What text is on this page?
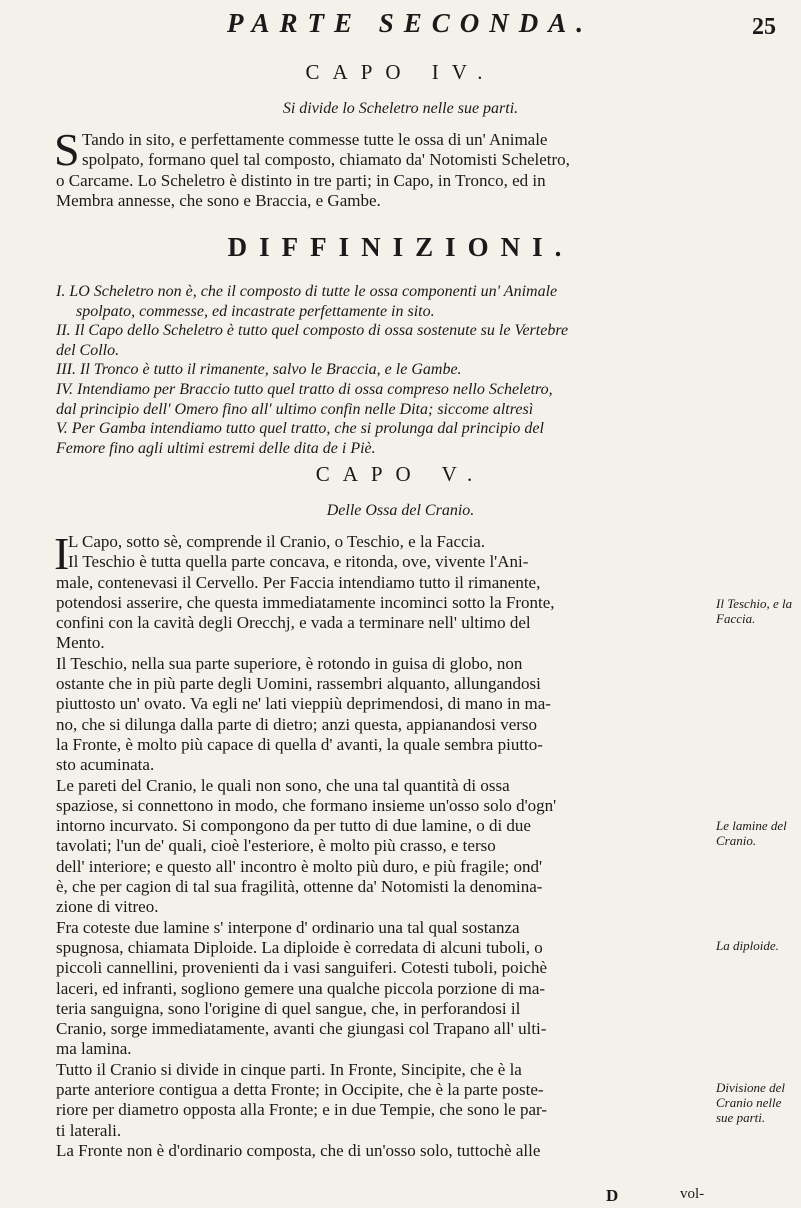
PARTE SECONDA.	25
CAPO IV.
Si divide lo Scheletro nelle sue parti.
S Tando in sito, e perfettamente commesse tutte le ossa di un' Animale
spolpato, formano quel tal composto, chiamato da' Notomisti Scheletro,
o Carcame. Lo Scheletro è distinto in tre parti; in Capo, in Tronco, ed in
Membra annesse, che sono e Braccia, e Gambe.
DIFFINIZIONI.
I. LO Scheletro non è, che il composto di tutte le ossa componenti un' Animale
spolpato, commesse, ed incastrate perfettamente in sito.
II. Il Capo dello Scheletro è tutto quel composto di ossa sostenute su le Vertebre
del Collo.
III. Il Tronco è tutto il rimanente, salvo le Braccia, e le Gambe.
IV. Intendiamo per Braccio tutto quel tratto di ossa compreso nello Scheletro,
dal principio dell' Omero fino all' ultimo confin nelle Dita; siccome altresì
V. Per Gamba intendiamo tutto quel tratto, che si prolunga dal principio del
Femore fino agli ultimi estremi delle dita de i Piè.
CAPO V.
Delle Ossa del Cranio.
I
L Capo, sotto sè, comprende il Cranio, o Teschio, e la Faccia.
Il Teschio è tutta quella parte concava, e ritonda, ove, vivente l'Ani-
male, contenevasi il Cervello. Per Faccia intendiamo tutto il rimanente,
potendosi asserire, che questa immediatamente incominci sotto la Fronte,
confini con la cavità degli Orecchj, e vada a terminare nell' ultimo del
Mento.
Il Teschio, nella sua parte superiore, è rotondo in guisa di globo, non
ostante che in più parte degli Uomini, rassembri alquanto, allungandosi
piuttosto un' ovato. Va egli ne' lati vieppiù deprimendosi, di mano in ma-
no, che si dilunga dalla parte di dietro; anzi questa, appianandosi verso
la Fronte, è molto più capace di quella d' avanti, la quale sembra piutto-
sto acuminata.
Le pareti del Cranio, le quali non sono, che una tal quantità di ossa
spaziose, si connettono in modo, che formano insieme un'osso solo d'ogn'
intorno incurvato. Si compongono da per tutto di due lamine, o di due
tavolati; l'un de' quali, cioè l'esteriore, è molto più crasso, e terso
dell' interiore; e questo all' incontro è molto più duro, e più fragile; ond'
è, che per cagion di tal sua fragilità, ottenne da' Notomisti la denomina-
zione di vitreo.
Fra coteste due lamine s' interpone d' ordinario una tal qual sostanza
spugnosa, chiamata Diploide. La diploide è corredata di alcuni tuboli, o
piccoli cannellini, provenienti da i vasi sanguiferi. Cotesti tuboli, poichè
laceri, ed infranti, sogliono gemere una qualche piccola porzione di ma-
teria sanguigna, sono l'origine di quel sangue, che, in perforandosi il
Cranio, sorge immediatamente, avanti che giungasi col Trapano all' ulti-
ma lamina.
Tutto il Cranio si divide in cinque parti. In Fronte, Sincipite, che è la
parte anteriore contigua a detta Fronte; in Occipite, che è la parte poste-
riore per diametro opposta alla Fronte; e in due Tempie, che sono le par-
ti laterali.
La Fronte non è d'ordinario composta, che di un'osso solo, tuttochè alle
Il Teschio, e la Faccia.
Le lamine del Cranio.
La diploide.
Divisione del Cranio nelle sue parti.
D	vol-
